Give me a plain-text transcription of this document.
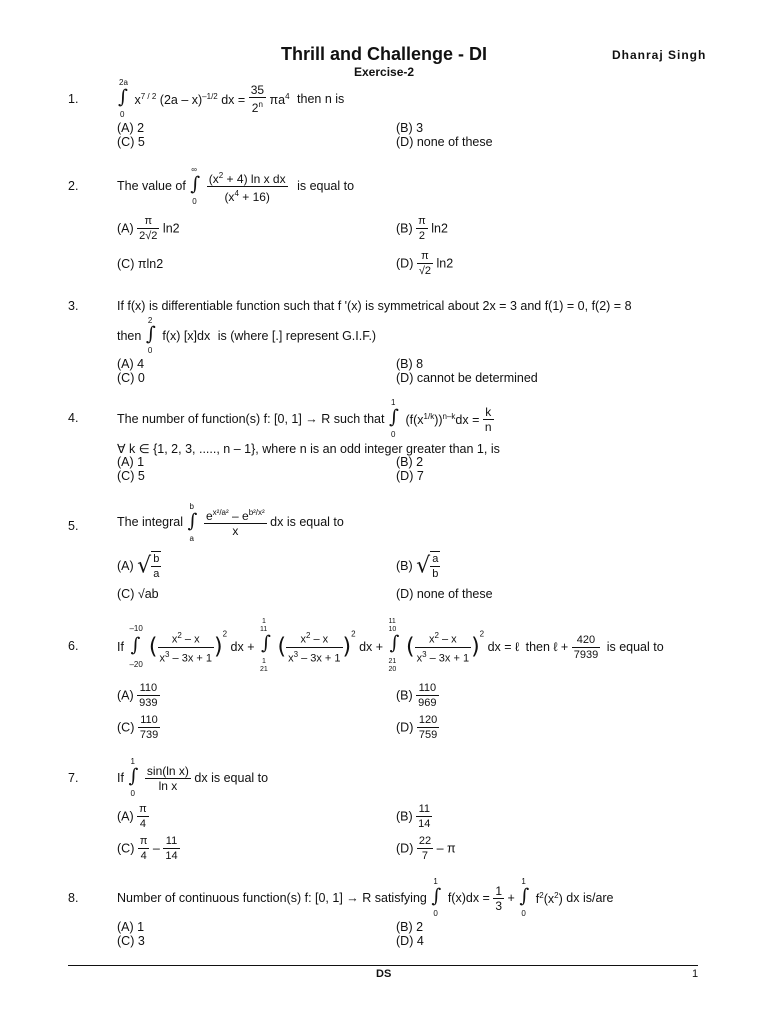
Thrill and Challenge - DI	Dhanraj Singh
Exercise-2
1.
2a
∫
0
$x^{7 / 2}$ (2a – x)$^{-1/2}$ dx = $\frac{35}{2^n} \pi a^4$ then n is
(A) 2	(B) 3
(C) 5	(D) none of these
2.	The value of
∞
∫
0
$\frac{(x^2 + 4) \ln x dx}{(x^4 + 16)}$ is equal to
$(A) \frac{\pi}{2√2} \ln 2$	$(B) \frac{\pi}{2} \ln 2$
(C) πln2	$(D) \frac{\pi}{√2} \ln 2$
3.	If f(x) is differentiable function such that f '(x) is symmetrical about 2x = 3 and f(1) = 0, f(2) = 8
then
2
∫
0
f(x) [x]dx is (where [.] represent G.I.F.)
(A) 4	(B) 8
(C) 0	(D) cannot be determined
4.	The number of function(s) f: [0, 1] → R such that
1
∫
0
$(f(x^{1/k}))^{n-k}dx = \frac{k}{n}$
∀ k ∈ {1, 2, 3, ....., n – 1}, where n is an odd integer greater than 1, is
(A) 1	(B) 2
(C) 5	(D) 7
5.	The integral
b
∫
a

$\frac{e^{x^2/a^2} - e^{b^2/x^2}}{x}$ dx is equal to
(A) √ $\frac{b}{a}$	(B) √ $\frac{a}{b}$
(C) √ab	(D) none of these
6.	If
–10
∫
–20
( $\frac{x^2 - x}{x^3 - 3x + 1} )^2$ dx +
1
11
∫
1
21
( $\frac{x^2 - x}{x^3 - 3x + 1} )^2$ dx +
11
10
∫
21
20
( $\frac{x^2 - x}{x^3 - 3x + 1} )^2$ dx = ℓ then ℓ + $\frac{420}{7939}$ is equal to
$(A) \frac{110}{939}$	$(B) \frac{110}{969}$
$(C) \frac{110}{739}$	$(D) \frac{120}{759}$
7.	If
1
∫
0

$\frac{\text{sin(ln x)}}{\text{ln x}}$ dx is equal to
$(A) \frac{\pi}{4}$	$(B) \frac{11}{14}$
$(C) \frac{\pi}{4} - \frac{11}{14}$	$(D) \frac{22}{7}$ – π
8.	Number of continuous function(s) f: [0, 1] → R satisfying
1
∫
0
$f(x)dx = \frac{1}{3}$ +
1
∫
0
$f^2(x^2)$ dx is/are
(A) 1	(B) 2
(C) 3	(D) 4
DS	1
